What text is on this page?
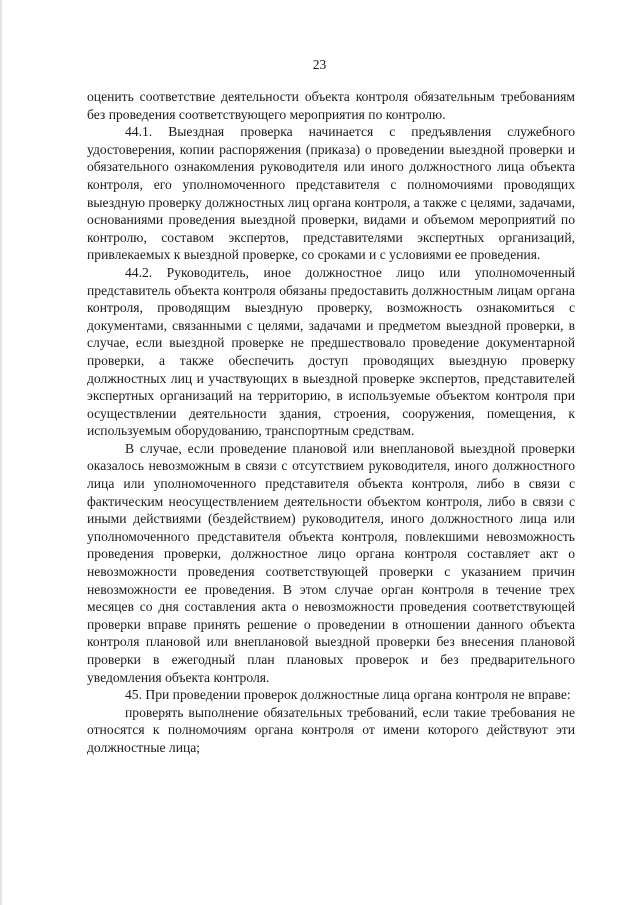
23

оценить соответствие деятельности объекта контроля обязательным требованиям без проведения соответствующего мероприятия по контролю.

44.1. Выездная проверка начинается с предъявления служебного удостоверения, копии распоряжения (приказа) о проведении выездной проверки и обязательного ознакомления руководителя или иного должностного лица объекта контроля, его уполномоченного представителя с полномочиями проводящих выездную проверку должностных лиц органа контроля, а также с целями, задачами, основаниями проведения выездной проверки, видами и объемом мероприятий по контролю, составом экспертов, представителями экспертных организаций, привлекаемых к выездной проверке, со сроками и с условиями ее проведения.

44.2. Руководитель, иное должностное лицо или уполномоченный представитель объекта контроля обязаны предоставить должностным лицам органа контроля, проводящим выездную проверку, возможность ознакомиться с документами, связанными с целями, задачами и предметом выездной проверки, в случае, если выездной проверке не предшествовало проведение документарной проверки, а также обеспечить доступ проводящих выездную проверку должностных лиц и участвующих в выездной проверке экспертов, представителей экспертных организаций на территорию, в используемые объектом контроля при осуществлении деятельности здания, строения, сооружения, помещения, к используемым оборудованию, транспортным средствам.

В случае, если проведение плановой или внеплановой выездной проверки оказалось невозможным в связи с отсутствием руководителя, иного должностного лица или уполномоченного представителя объекта контроля, либо в связи с фактическим неосуществлением деятельности объектом контроля, либо в связи с иными действиями (бездействием) руководителя, иного должностного лица или уполномоченного представителя объекта контроля, повлекшими невозможность проведения проверки, должностное лицо органа контроля составляет акт о невозможности проведения соответствующей проверки с указанием причин невозможности ее проведения. В этом случае орган контроля в течение трех месяцев со дня составления акта о невозможности проведения соответствующей проверки вправе принять решение о проведении в отношении данного объекта контроля плановой или внеплановой выездной проверки без внесения плановой проверки в ежегодный план плановых проверок и без предварительного уведомления объекта контроля.

45. При проведении проверок должностные лица органа контроля не вправе:

проверять выполнение обязательных требований, если такие требования не относятся к полномочиям органа контроля от имени которого действуют эти должностные лица;
